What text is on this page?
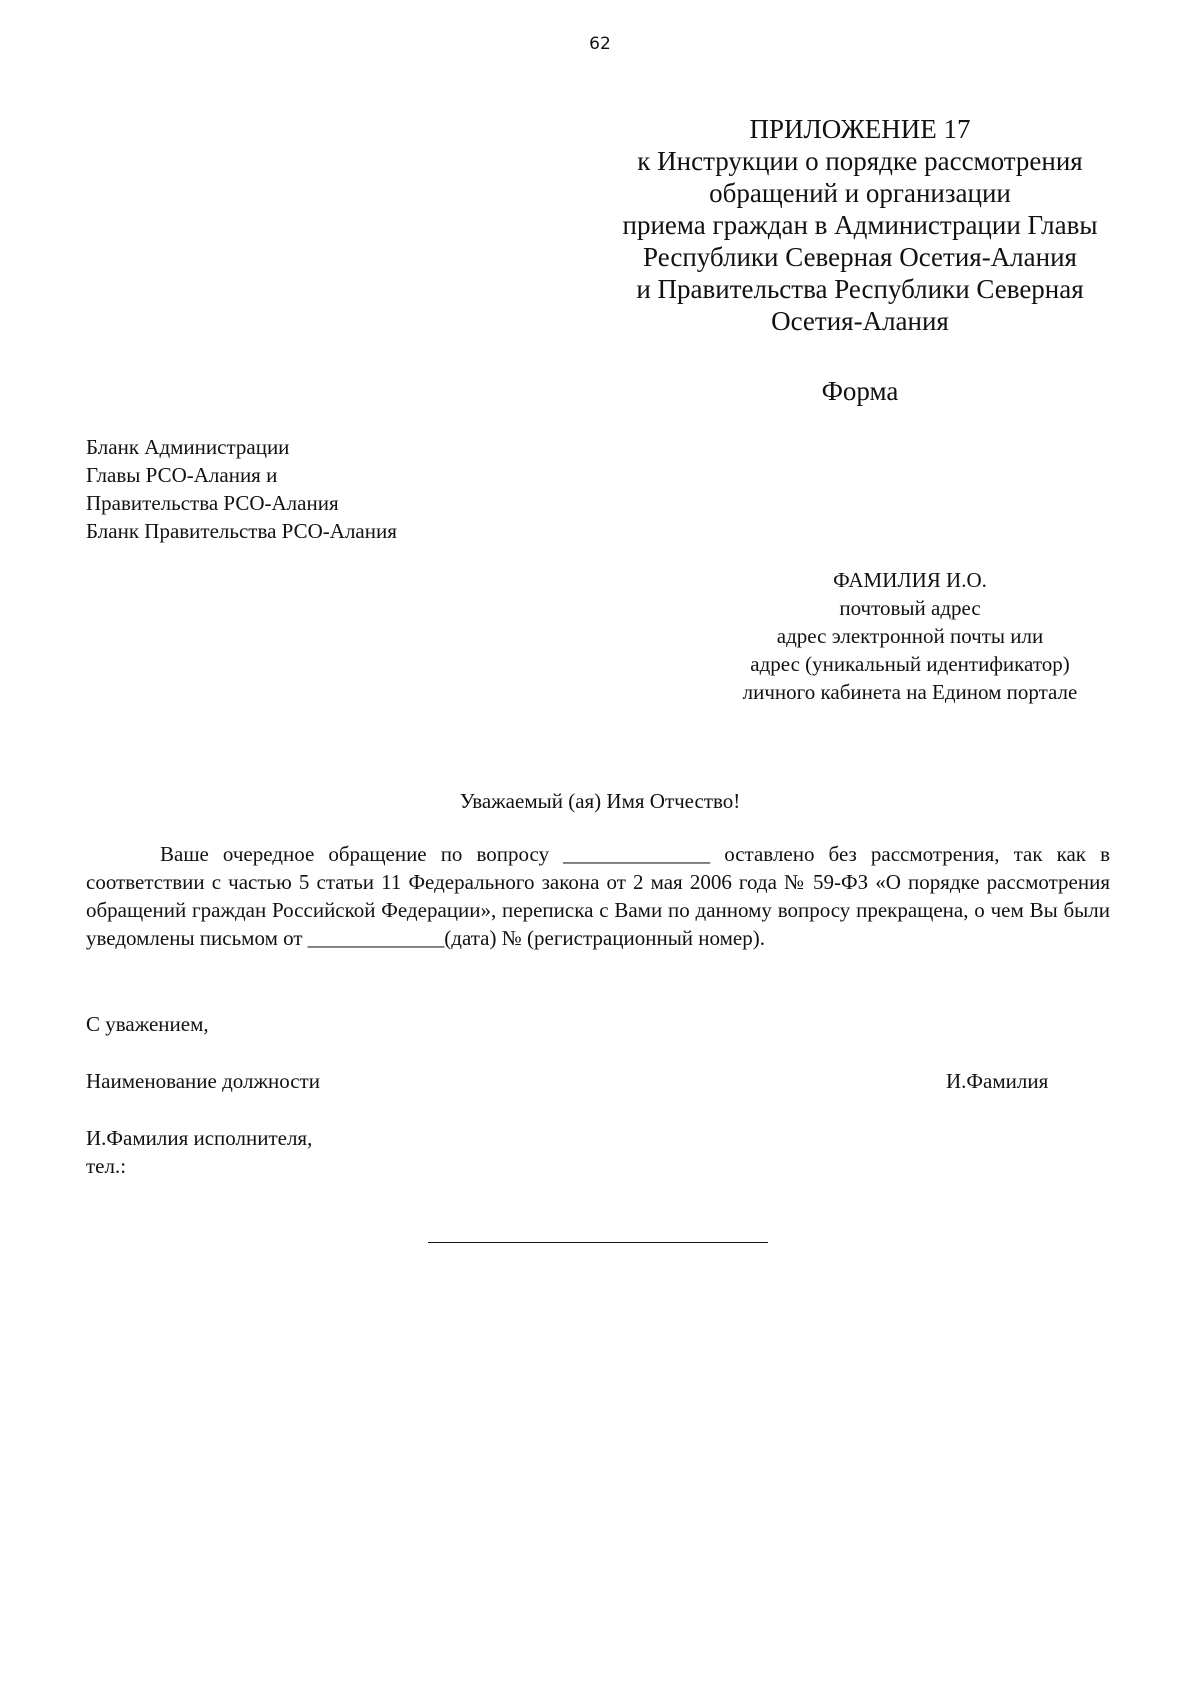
62
ПРИЛОЖЕНИЕ 17
к Инструкции о порядке рассмотрения
обращений и организации
приема граждан в Администрации Главы
Республики Северная Осетия-Алания
и Правительства Республики Северная
Осетия-Алания
Форма
Бланк Администрации
Главы РСО-Алания и
Правительства РСО-Алания
Бланк Правительства РСО-Алания
ФАМИЛИЯ И.О.
почтовый адрес
адрес электронной почты или
адрес (уникальный идентификатор)
личного кабинета на Едином портале
Уважаемый (ая) Имя Отчество!
Ваше очередное обращение по вопросу ______________ оставлено без рассмотрения, так как в соответствии с частью 5 статьи 11 Федерального закона от 2 мая 2006 года № 59-ФЗ «О порядке рассмотрения обращений граждан Российской Федерации», переписка с Вами по данному вопросу прекращена, о чем Вы были уведомлены письмом от _____________(дата) № (регистрационный номер).
С уважением,
Наименование должности	И.Фамилия
И.Фамилия исполнителя,
тел.:
